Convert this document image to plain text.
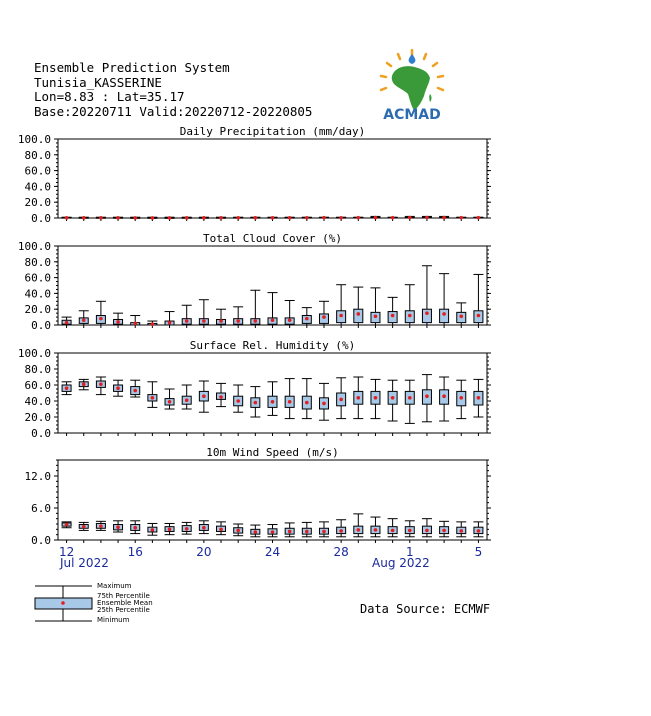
Ensemble Prediction System
Tunisia_KASSERINE
Lon=8.83 : Lat=35.17
Base:20220711 Valid:20220712-20220805	ACMAD
Daily Precipitation (mm/day)
0.0
20.0
40.0
60.0
80.0
100.0
Total Cloud Cover (%)
0.0
20.0
40.0
60.0
80.0
100.0
Surface Rel. Humidity (%)
0.0
20.0
40.0
60.0
80.0
100.0
10m Wind Speed (m/s)
0.0
6.0
12.0
12	16	20	24	28	1	5
Jul 2022	Aug 2022
Maximum
75th Percentile
Ensemble Mean
25th Percentile
Minimum
Data Source: ECMWF
